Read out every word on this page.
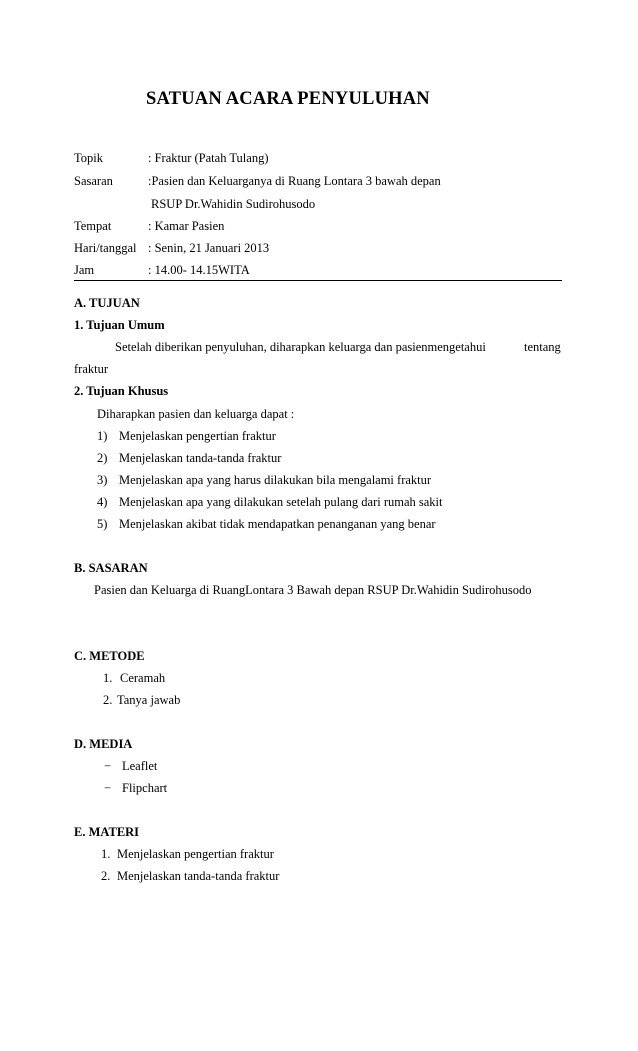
SATUAN ACARA PENYULUHAN
Topik	: Fraktur (Patah Tulang)
Sasaran	:Pasien dan Keluarganya di Ruang Lontara 3 bawah depan
RSUP Dr.Wahidin Sudirohusodo
Tempat	: Kamar Pasien
Hari/tanggal : Senin, 21 Januari 2013
Jam	: 14.00- 14.15WITA
A. TUJUAN
1. Tujuan Umum
Setelah diberikan penyuluhan, diharapkan keluarga dan pasienmengetahui	tentang
fraktur
2. Tujuan Khusus
Diharapkan pasien dan keluarga dapat :
1) Menjelaskan pengertian fraktur
2) Menjelaskan tanda-tanda fraktur
3) Menjelaskan apa yang harus dilakukan bila mengalami fraktur
4) Menjelaskan apa yang dilakukan setelah pulang dari rumah sakit
5) Menjelaskan akibat tidak mendapatkan penanganan yang benar
B. SASARAN
Pasien dan Keluarga di RuangLontara 3 Bawah depan RSUP Dr.Wahidin Sudirohusodo
C. METODE
1. Ceramah
2. Tanya jawab
D. MEDIA
− Leaflet
− Flipchart
E. MATERI
1. Menjelaskan pengertian fraktur
2. Menjelaskan tanda-tanda fraktur
